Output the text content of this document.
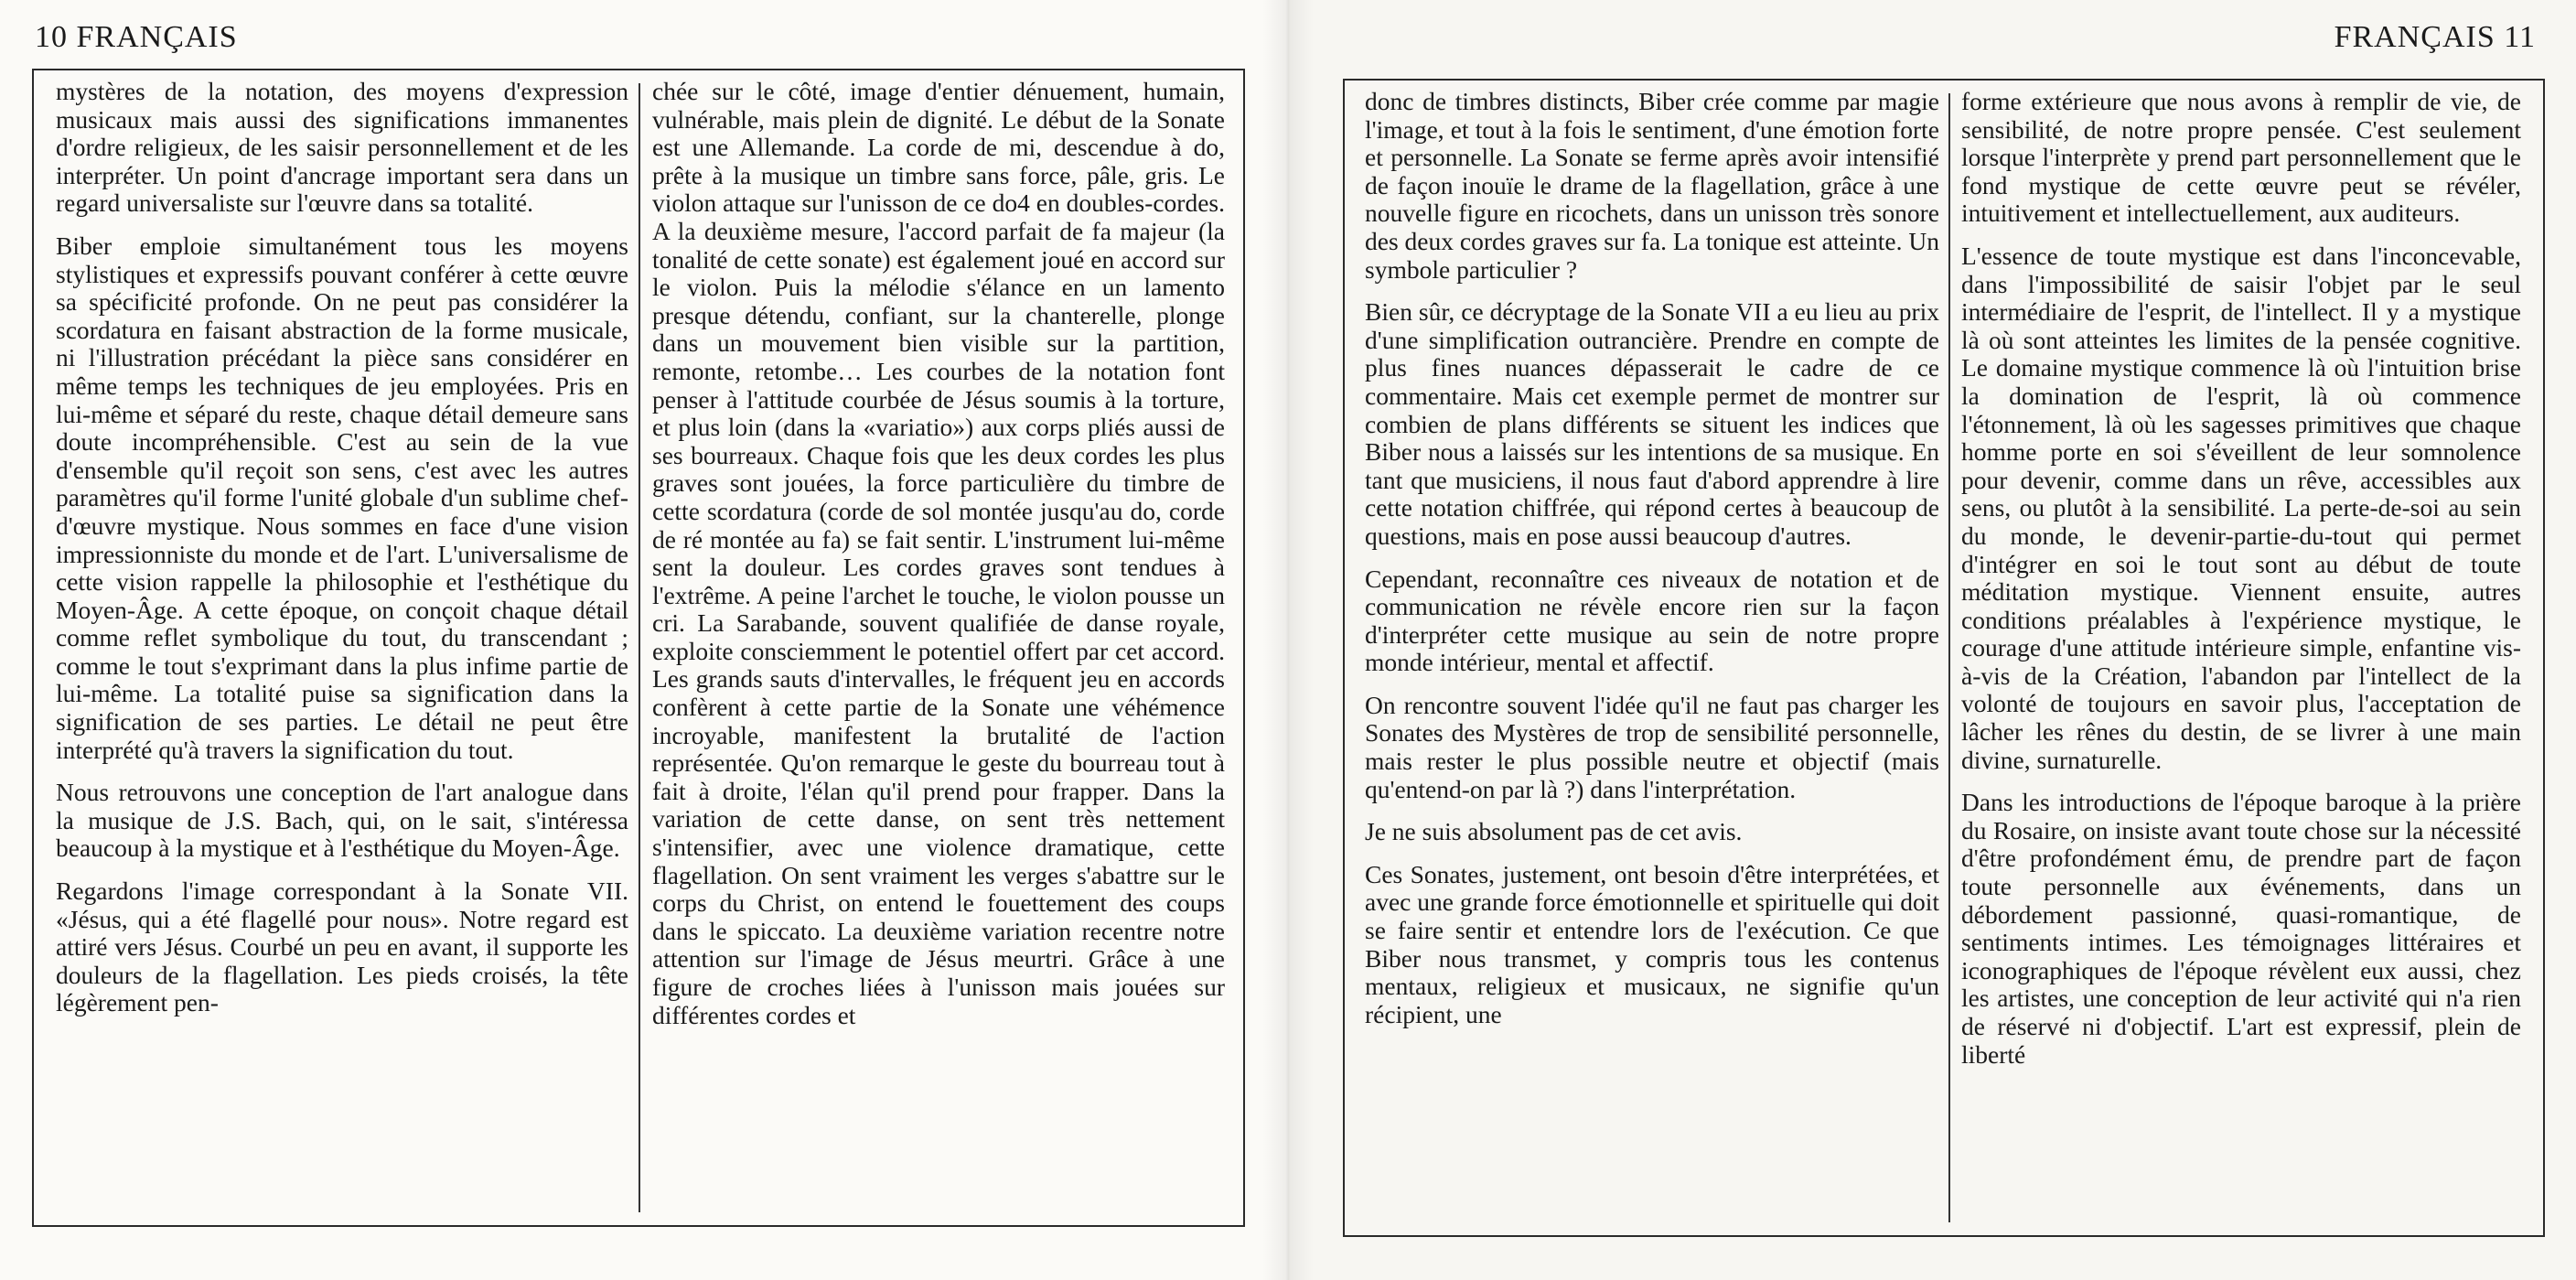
10 FRANÇAIS

mystères de la notation, des moyens d'expression musicaux mais aussi des significations immanentes d'ordre religieux, de les saisir personnellement et de les interpréter. Un point d'ancrage important sera dans un regard universaliste sur l'œuvre dans sa totalité.

Biber emploie simultanément tous les moyens stylistiques et expressifs pouvant conférer à cette œuvre sa spécificité profonde. On ne peut pas considérer la scordatura en faisant abstraction de la forme musicale, ni l'illustration précédant la pièce sans considérer en même temps les techniques de jeu employées. Pris en lui-même et séparé du reste, chaque détail demeure sans doute incompréhensible. C'est au sein de la vue d'ensemble qu'il reçoit son sens, c'est avec les autres paramètres qu'il forme l'unité globale d'un sublime chef-d'œuvre mystique. Nous sommes en face d'une vision impressionniste du monde et de l'art. L'universalisme de cette vision rappelle la philosophie et l'esthétique du Moyen-Âge. A cette époque, on conçoit chaque détail comme reflet symbolique du tout, du transcendant ; comme le tout s'exprimant dans la plus infime partie de lui-même. La totalité puise sa signification dans la signification de ses parties. Le détail ne peut être interprété qu'à travers la signification du tout.

Nous retrouvons une conception de l'art analogue dans la musique de J.S. Bach, qui, on le sait, s'intéressa beaucoup à la mystique et à l'esthétique du Moyen-Âge.

Regardons l'image correspondant à la Sonate VII. «Jésus, qui a été flagellé pour nous». Notre regard est attiré vers Jésus. Courbé un peu en avant, il supporte les douleurs de la flagellation. Les pieds croisés, la tête légèrement pen-

chée sur le côté, image d'entier dénuement, humain, vulnérable, mais plein de dignité. Le début de la Sonate est une Allemande. La corde de mi, descendue à do, prête à la musique un timbre sans force, pâle, gris. Le violon attaque sur l'unisson de ce do4 en doubles-cordes. A la deuxième mesure, l'accord parfait de fa majeur (la tonalité de cette sonate) est également joué en accord sur le violon. Puis la mélodie s'élance en un lamento presque détendu, confiant, sur la chanterelle, plonge dans un mouvement bien visible sur la partition, remonte, retombe… Les courbes de la notation font penser à l'attitude courbée de Jésus soumis à la torture, et plus loin (dans la «variatio») aux corps pliés aussi de ses bourreaux. Chaque fois que les deux cordes les plus graves sont jouées, la force particulière du timbre de cette scordatura (corde de sol montée jusqu'au do, corde de ré montée au fa) se fait sentir. L'instrument lui-même sent la douleur. Les cordes graves sont tendues à l'extrême. A peine l'archet le touche, le violon pousse un cri. La Sarabande, souvent qualifiée de danse royale, exploite consciemment le potentiel offert par cet accord. Les grands sauts d'intervalles, le fréquent jeu en accords confèrent à cette partie de la Sonate une véhémence incroyable, manifestent la brutalité de l'action représentée. Qu'on remarque le geste du bourreau tout à fait à droite, l'élan qu'il prend pour frapper. Dans la variation de cette danse, on sent très nettement s'intensifier, avec une violence dramatique, cette flagellation. On sent vraiment les verges s'abattre sur le corps du Christ, on entend le fouettement des coups dans le spiccato. La deuxième variation recentre notre attention sur l'image de Jésus meurtri. Grâce à une figure de croches liées à l'unisson mais jouées sur différentes cordes et

FRANÇAIS 11

donc de timbres distincts, Biber crée comme par magie l'image, et tout à la fois le sentiment, d'une émotion forte et personnelle. La Sonate se ferme après avoir intensifié de façon inouïe le drame de la flagellation, grâce à une nouvelle figure en ricochets, dans un unisson très sonore des deux cordes graves sur fa. La tonique est atteinte. Un symbole particulier ?

Bien sûr, ce décryptage de la Sonate VII a eu lieu au prix d'une simplification outrancière. Prendre en compte de plus fines nuances dépasserait le cadre de ce commentaire. Mais cet exemple permet de montrer sur combien de plans différents se situent les indices que Biber nous a laissés sur les intentions de sa musique. En tant que musiciens, il nous faut d'abord apprendre à lire cette notation chiffrée, qui répond certes à beaucoup de questions, mais en pose aussi beaucoup d'autres.

Cependant, reconnaître ces niveaux de notation et de communication ne révèle encore rien sur la façon d'interpréter cette musique au sein de notre propre monde intérieur, mental et affectif.

On rencontre souvent l'idée qu'il ne faut pas charger les Sonates des Mystères de trop de sensibilité personnelle, mais rester le plus possible neutre et objectif (mais qu'entend-on par là ?) dans l'interprétation.

Je ne suis absolument pas de cet avis.

Ces Sonates, justement, ont besoin d'être interprétées, et avec une grande force émotionnelle et spirituelle qui doit se faire sentir et entendre lors de l'exécution. Ce que Biber nous transmet, y compris tous les contenus mentaux, religieux et musicaux, ne signifie qu'un récipient, une

forme extérieure que nous avons à remplir de vie, de sensibilité, de notre propre pensée. C'est seulement lorsque l'interprète y prend part personnellement que le fond mystique de cette œuvre peut se révéler, intuitivement et intellectuellement, aux auditeurs.

L'essence de toute mystique est dans l'inconcevable, dans l'impossibilité de saisir l'objet par le seul intermédiaire de l'esprit, de l'intellect. Il y a mystique là où sont atteintes les limites de la pensée cognitive. Le domaine mystique commence là où l'intuition brise la domination de l'esprit, là où commence l'étonnement, là où les sagesses primitives que chaque homme porte en soi s'éveillent de leur somnolence pour devenir, comme dans un rêve, accessibles aux sens, ou plutôt à la sensibilité. La perte-de-soi au sein du monde, le devenir-partie-du-tout qui permet d'intégrer en soi le tout sont au début de toute méditation mystique. Viennent ensuite, autres conditions préalables à l'expérience mystique, le courage d'une attitude intérieure simple, enfantine vis-à-vis de la Création, l'abandon par l'intellect de la volonté de toujours en savoir plus, l'acceptation de lâcher les rênes du destin, de se livrer à une main divine, surnaturelle.

Dans les introductions de l'époque baroque à la prière du Rosaire, on insiste avant toute chose sur la nécessité d'être profondément ému, de prendre part de façon toute personnelle aux événements, dans un débordement passionné, quasi-romantique, de sentiments intimes. Les témoignages littéraires et iconographiques de l'époque révèlent eux aussi, chez les artistes, une conception de leur activité qui n'a rien de réservé ni d'objectif. L'art est expressif, plein de liberté
